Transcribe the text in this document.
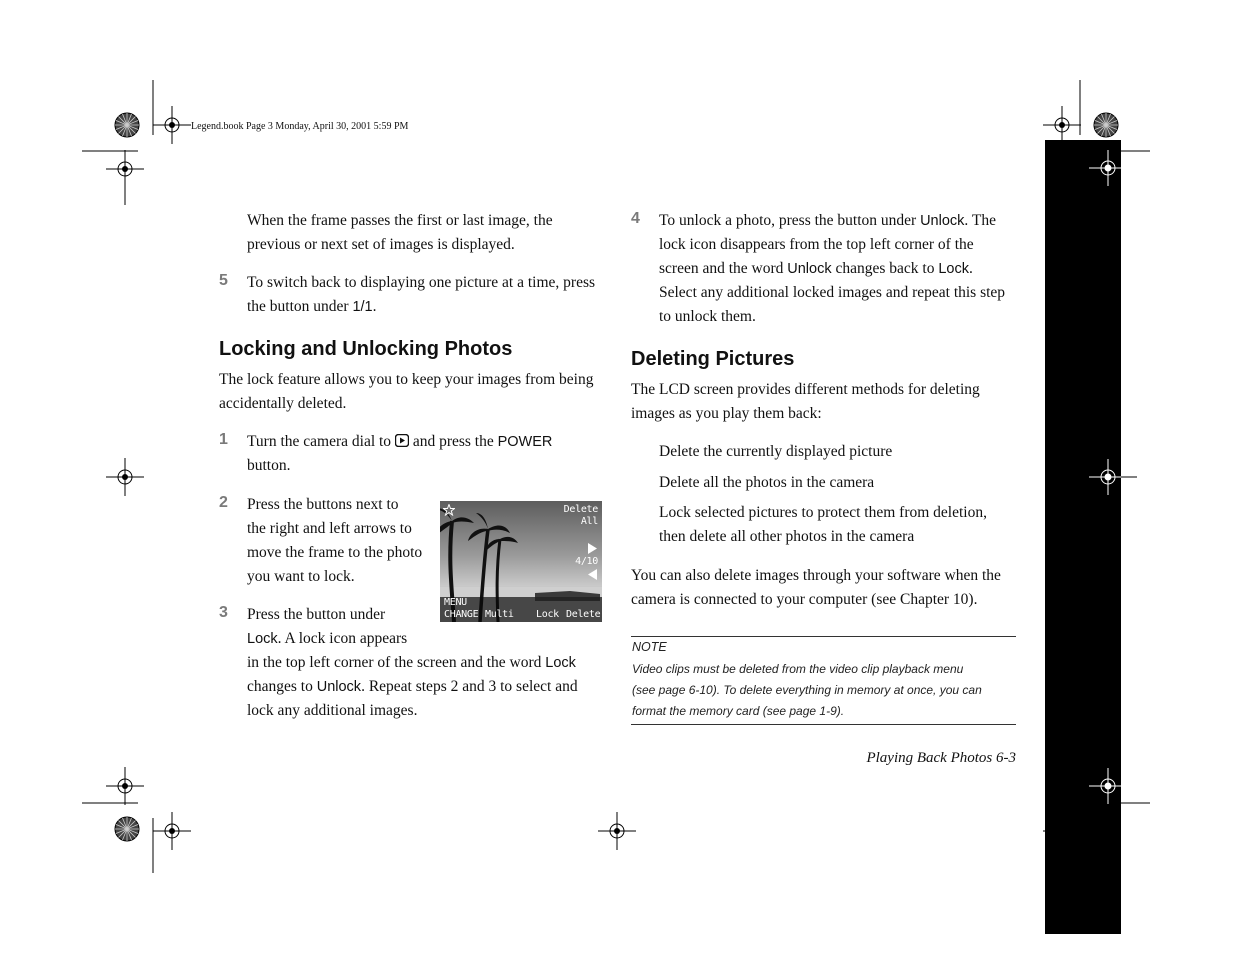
Legend.book Page 3 Monday, April 30, 2001 5:59 PM

When the frame passes the first or last image, the

previous or next set of images is displayed.

5 To switch back to displaying one picture at a time, press

the button under 1/1.

Locking and Unlocking Photos

The lock feature allows you to keep your images from being

accidentally deleted.

1 Turn the camera dial to  and press the POWER

button.

2 Press the buttons next to

the right and left arrows to

move the frame to the photo

you want to lock.

Delete
All
4/10
MENU
CHANGE Multi Lock Delete
3 Press the button under

Lock. A lock icon appears

in the top left corner of the screen and the word Lock

changes to Unlock. Repeat steps 2 and 3 to select and

lock any additional images.

4 To unlock a photo, press the button under Unlock. The

lock icon disappears from the top left corner of the

screen and the word Unlock changes back to Lock.

Select any additional locked images and repeat this step

to unlock them.

Deleting Pictures

The LCD screen provides different methods for deleting

images as you play them back:

Delete the currently displayed picture
Delete all the photos in the camera

Lock selected pictures to protect them from deletion,

then delete all other photos in the camera

You can also delete images through your software when the

camera is connected to your computer (see Chapter 10).

NOTE

Video clips must be deleted from the video clip playback menu

(see page 6-10). To delete everything in memory at once, you can

format the memory card (see page 1-9).

Playing Back Photos 6-3
